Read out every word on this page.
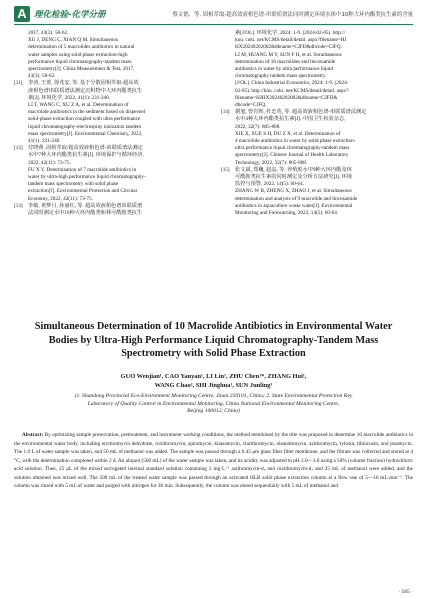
A 理化检验-化学分册	蔡文德，等. 固相萃取-超高效液相色谱-串联质谱法同时测定环境水体中10种大环内酯类抗生素的含量
2017, 43(3): 58-62.
XU J, DENG C, XIAN Q M. Simultaneous
determination of 5 macrolides antibiotics in natural
water samples using solid phase extraction-high
performance liquid chromatography-tandem mass
spectrometry[J]. China Measurement & Test, 2017,
43(3): 58-62.
[11] 李涛, 王蕾, 徐兆安, 等. 基于分散固相萃取-超高效
液相色谱串联质谱法测定沉积物中大环内酯类抗生
素[J]. 环境化学, 2022, 41(1): 231-240.
LI T, WANG C, XU Z A, et al. Determination of
macrolide antibiotics in the sediment based on dispersed
solid-phase extraction coupled with ultra performance
liquid chromatography-electrospray ionization tandem
mass spectrometry[J]. Environmental Chemistry, 2022,
41(1): 231-240.
[12] 付晓燕. 固相萃取/超高效液相色谱-串联质谱法测定
水中7种大环内酯类抗生素[J]. 环境保护与循环经济,
2022, 42(11): 73-75.
FU X Y. Determination of 7 macrolide antibiotics in
water by ultra-high performance liquid chromatography-
tandem mass spectrometry with solid phase
extraction[J]. Environmental Protection and Circular
Economy, 2022, 42(11): 73-75.
[13] 李敏, 黄梦月, 孙丽红, 等. 超高效液相色谱串联质谱
法同时测定水中16种大环内酯类和林可酰胺类抗生
素[J/OL]. 环境化学, 2024: 1-9. (2024-02-05). http://
knu. cnki. net/KCMS/detail/detail. aspx?filename=HJ
HX20240202002&dbname=CJFD&dbcode=CJFQ.
LI M, HUANG M Y, SUN F H, et al. Simultaneous
determination of 16 macrolides and lincosamide
antibiotics in water by ultra performance liquid
chromatography tandem mass spectrometry
[J/OL]. China Industrial Economics, 2024: 1-9. (2024-
02-05). http://knu. cnki. net/KCMS/detail/detail. aspx?
filename=HJHX20240202002&dbname=CJFD&
dbcode=CJFQ.
[14] 谢旭, 曾有辉, 杜忠英, 等. 超高效液相色谱-串联质谱法测定
水中4种大环内酯类抗生素[J]. 中国卫生检验杂志,
2022, 32(7): 805-808.
XIE X, XUE S H, DU Z X, et al. Determination of
4 macrolide antibiotics in water by solid phase extraction-
ultra performance liquid chromatography-tandem mass
spectrometry[J]. Chinese Journal of Health Laboratory
Technology, 2022, 32(7): 805-808.
[15] 张文斌, 郑巍, 赵晶, 等. 养殖废水中9种大环内酯及林
可酰胺类抗生素的同时测定及分析方法研究[J]. 环境
监控与预警, 2022, 14(5): 60-64.
ZHANG W B, ZHENG X, ZHAO J, et al. Simultaneous
determination and analysis of 9 macrolide and lincosamide
antibiotics in aquaculture waste water[J]. Environmental
Monitoring and Forewarning, 2022, 14(5): 60-64.
Simultaneous Determination of 10 Macrolide Antibiotics in Environmental Water
Bodies by Ultra-High Performance Liquid Chromatography-Tandem Mass
Spectrometry with Solid Phase Extraction
GUO Wenjian¹, CAO Yanyan¹, LI Lin¹, ZHU Chen¹*, ZHANG Hui¹,
WANG Chao², SHI Jinghua¹, SUN Junling¹
(1. Shandong Provincial Eco-Environment Monitoring Centre, Jinan 250101, China; 2. State Environmental Protection Key
Laboratory of Quality Control in Environmental Monitoring, China National Environmental Monitoring Centre,
Beijing 100012, China)
Abstract: By optimizing sample preservation, pretreatment, and instrument working conditions, the method mentioned by the title was proposed to determine 10 macrolide antibiotics in the environmental water body, including erythromycin dehydrate, roxithromycin, spiramycin, kitasamycin, clarithromycin, oleandomycin, azithromycin, tylosin, tilmicosin, and josamycin. The 1.0 L of water sample was taken, and 50 mL of methanol was added. The sample was passed through a 0.45 μm glass fiber filter membrane, and the filtrate was collected and stored at 4 °C, with the determination completed within 2 d. An aliquot (500 mL) of the water sample was taken, and its acidity was adjusted to pH 2.0—3.0 using a 50% (volume fraction) hydrochloric acid solution. Then, 25 μL of the mixed surrogated internal standard solution containing 2 mg·L⁻¹ azithromycin-d₃ and roxithromycin-d₇ and 25 mL of methanol were added, and the solution obtained was mixed well. The 500 mL of the treated water sample was passed through an activated HLB solid phase extraction column at a flow rate of 5—10 mL·min⁻¹. The column was rinsed with 5 mL of water and purged with nitrogen for 30 min. Subsequently, the column was eluted sequentially with 5 mL of methanol and
· 585 ·
